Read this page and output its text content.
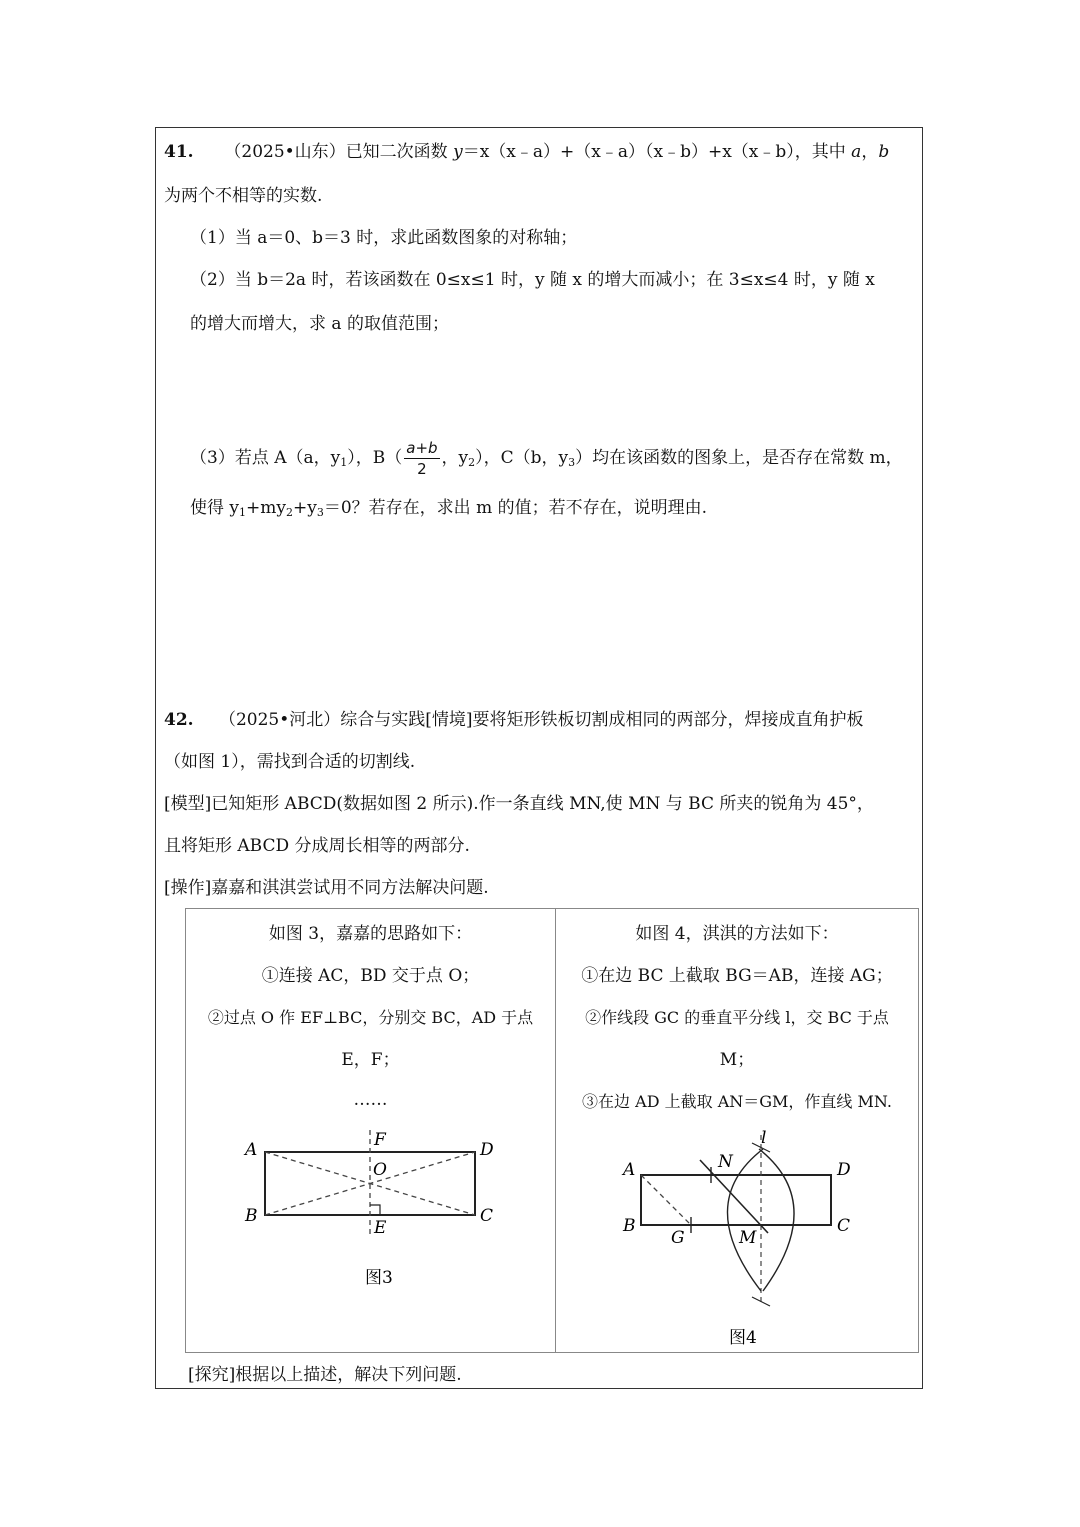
41. （2025•山东）已知二次函数 y＝x（x﹣a）+（x﹣a）（x﹣b）+x（x﹣b），其中 a，b
为两个不相等的实数.
（1）当 a＝0、b＝3 时，求此函数图象的对称轴；
（2）当 b＝2a 时，若该函数在 0≤x≤1 时，y 随 x 的增大而减小；在 3≤x≤4 时，y 随 x
的增大而增大，求 a 的取值范围；
（3）若点 A（a，$y_1$），$B( \frac{a+b}{2}$ ，$y_2$），C（b，$y_3$）均在该函数的图象上，是否存在常数 m，
使得 $y_1+my_2+y_3=0$？若存在，求出 m 的值；若不存在，说明理由.
42. （2025•河北）综合与实践[情境]要将矩形铁板切割成相同的两部分，焊接成直角护板
（如图 1），需找到合适的切割线.
[模型]已知矩形 ABCD(数据如图 2 所示).作一条直线 MN,使 MN 与 BC 所夹的锐角为 45°，
且将矩形 ABCD 分成周长相等的两部分.
[操作]嘉嘉和淇淇尝试用不同方法解决问题.
如图 3，嘉嘉的思路如下：
①连接 AC，BD 交于点 O；
②过点 O 作 EF⊥BC，分别交 BC，AD 于点
E，F；
……
A
B	C
D
O
F
E
图3
如图 4，淇淇的方法如下：
①在边 BC 上截取 BG＝AB，连接 AG；
②作线段 GC 的垂直平分线 l，交 BC 于点
M；
③在边 AD 上截取 AN＝GM，作直线 MN.
A
B	C
D
G	M
N
l
图4
[探究]根据以上描述，解决下列问题.
